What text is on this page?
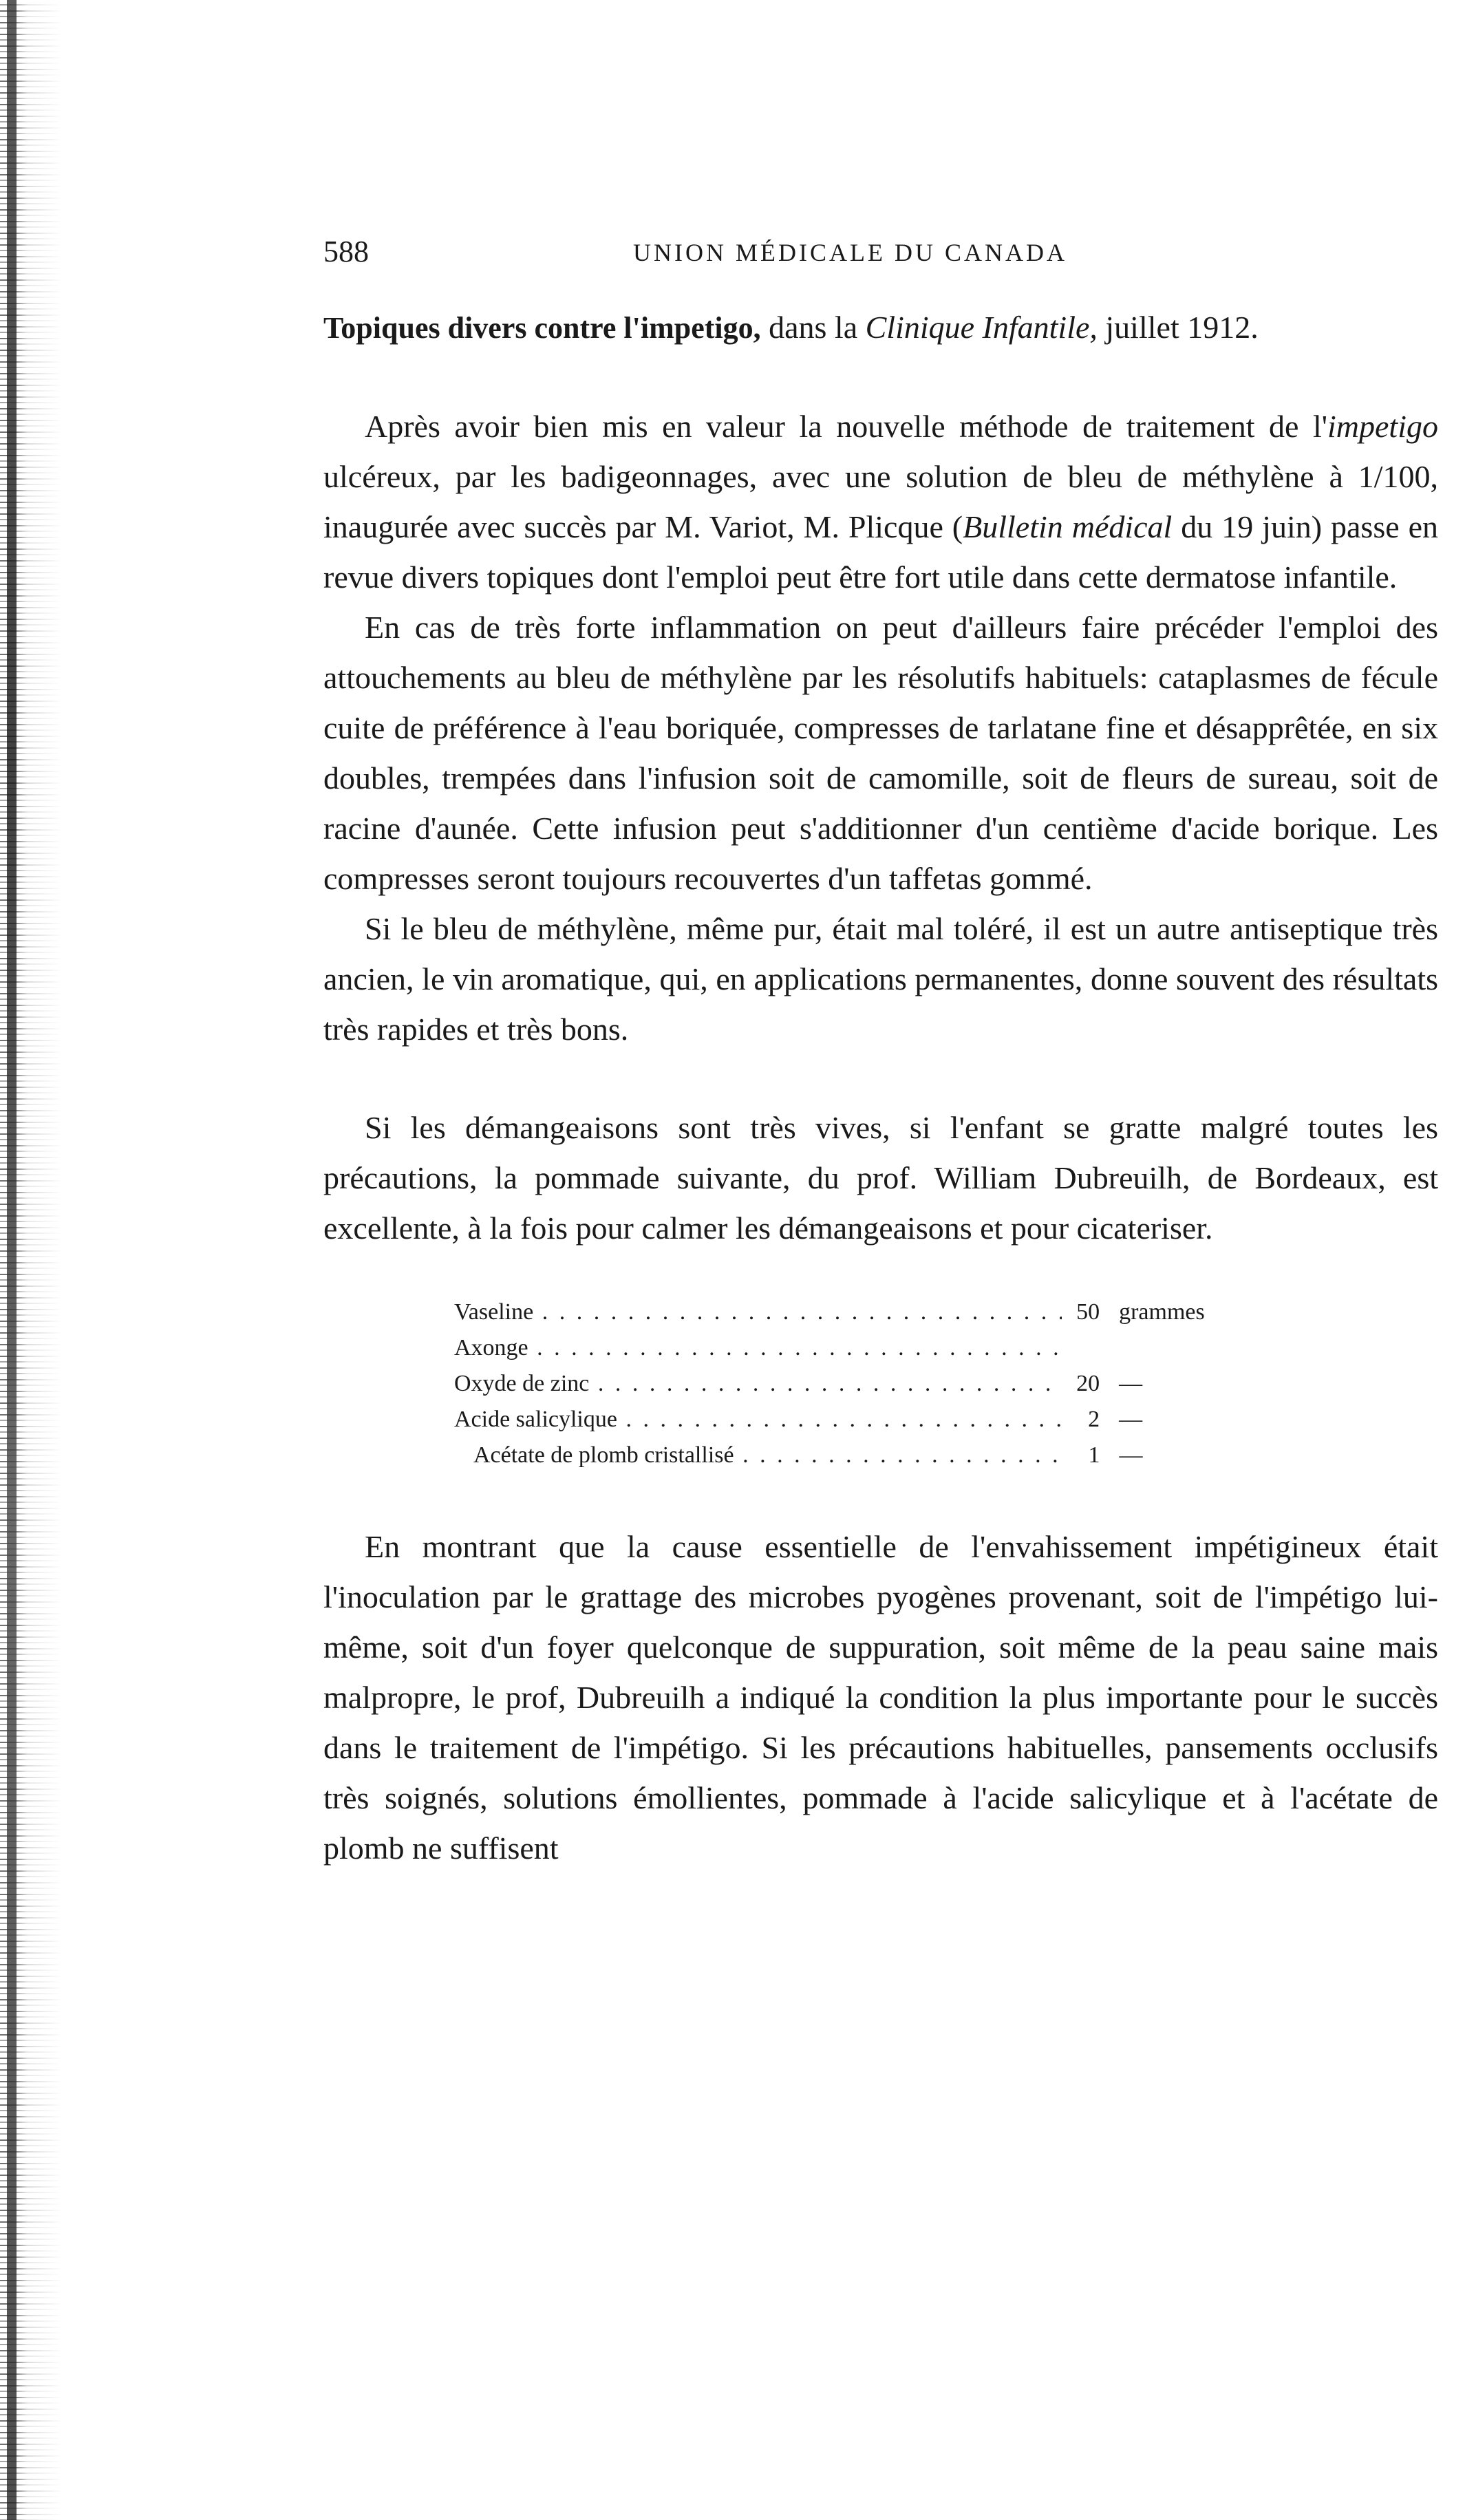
588	UNION MÉDICALE DU CANADA

Topiques divers contre l'impetigo, dans la Clinique Infantile, juillet 1912.

Après avoir bien mis en valeur la nouvelle méthode de traitement de l'impetigo ulcéreux, par les badigeonnages, avec une solution de bleu de méthylène à 1/100, inaugurée avec succès par M. Variot, M. Plicque (Bulletin médical du 19 juin) passe en revue divers topiques dont l'emploi peut être fort utile dans cette dermatose infantile.

En cas de très forte inflammation on peut d'ailleurs faire précéder l'emploi des attouchements au bleu de méthylène par les résolutifs habituels: cataplasmes de fécule cuite de préférence à l'eau boriquée, compresses de tarlatane fine et désapprêtée, en six doubles, trempées dans l'infusion soit de camomille, soit de fleurs de sureau, soit de racine d'aunée. Cette infusion peut s'additionner d'un centième d'acide borique. Les compresses seront toujours recouvertes d'un taffetas gommé.

Si le bleu de méthylène, même pur, était mal toléré, il est un autre antiseptique très ancien, le vin aromatique, qui, en applications permanentes, donne souvent des résultats très rapides et très bons.

Si les démangeaisons sont très vives, si l'enfant se gratte malgré toutes les précautions, la pommade suivante, du prof. William Dubreuilh, de Bordeaux, est excellente, à la fois pour calmer les démangeaisons et pour cicateriser.

Vaseline . . .	50 grammes
Axonge . . .
Oxyde de zinc . . .	20 —
Acide salicylique . . .	2 —
Acétate de plomb cristallisé . . .	1 —

En montrant que la cause essentielle de l'envahissement impétigineux était l'inoculation par le grattage des microbes pyogènes provenant, soit de l'impétigo lui-même, soit d'un foyer quelconque de suppuration, soit même de la peau saine mais malpropre, le prof, Dubreuilh a indiqué la condition la plus importante pour le succès dans le traitement de l'impétigo. Si les précautions habituelles, pansements occlusifs très soignés, solutions émollientes, pommade à l'acide salicylique et à l'acétate de plomb ne suffisent
